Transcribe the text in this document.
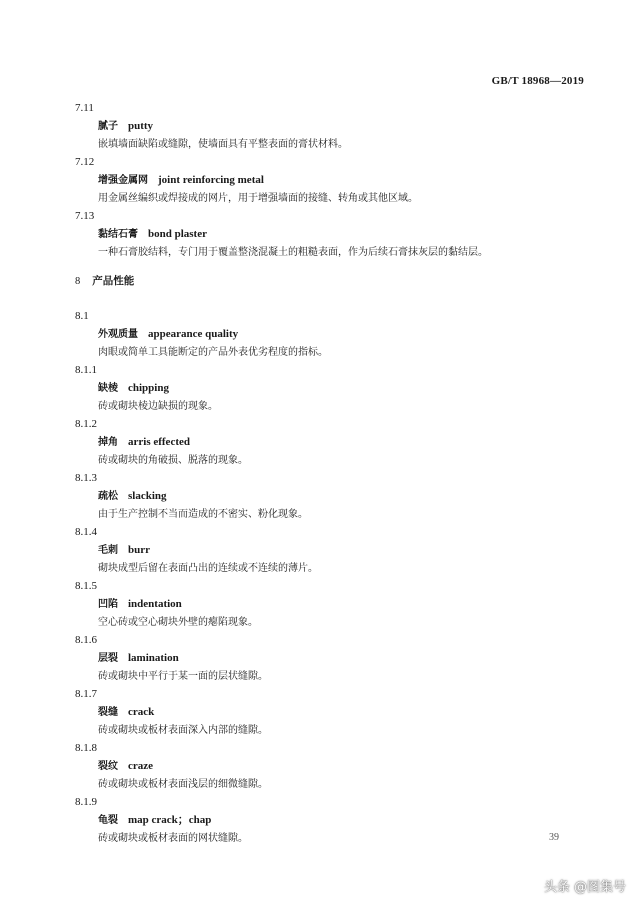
GB/T 18968—2019
7.11
腻子 putty
嵌填墙面缺陷或缝隙，使墙面具有平整表面的膏状材料。
7.12
增强金属网 joint reinforcing metal
用金属丝编织或焊接成的网片，用于增强墙面的接缝、转角或其他区域。
7.13
黏结石膏 bond plaster
一种石膏胶结料，专门用于覆盖整浇混凝土的粗糙表面，作为后续石膏抹灰层的黏结层。
8 产品性能
8.1
外观质量 appearance quality
肉眼或简单工具能断定的产品外表优劣程度的指标。
8.1.1
缺棱 chipping
砖或砌块棱边缺损的现象。
8.1.2
掉角 arris effected
砖或砌块的角破损、脱落的现象。
8.1.3
疏松 slacking
由于生产控制不当而造成的不密实、粉化现象。
8.1.4
毛刺 burr
砌块成型后留在表面凸出的连续或不连续的薄片。
8.1.5
凹陷 indentation
空心砖或空心砌块外壁的瘪陷现象。
8.1.6
层裂 lamination
砖或砌块中平行于某一面的层状缝隙。
8.1.7
裂缝 crack
砖或砌块或板材表面深入内部的缝隙。
8.1.8
裂纹 craze
砖或砌块或板材表面浅层的细微缝隙。
8.1.9
龟裂 map crack；chap
砖或砌块或板材表面的网状缝隙。	39
头条 @图集号
